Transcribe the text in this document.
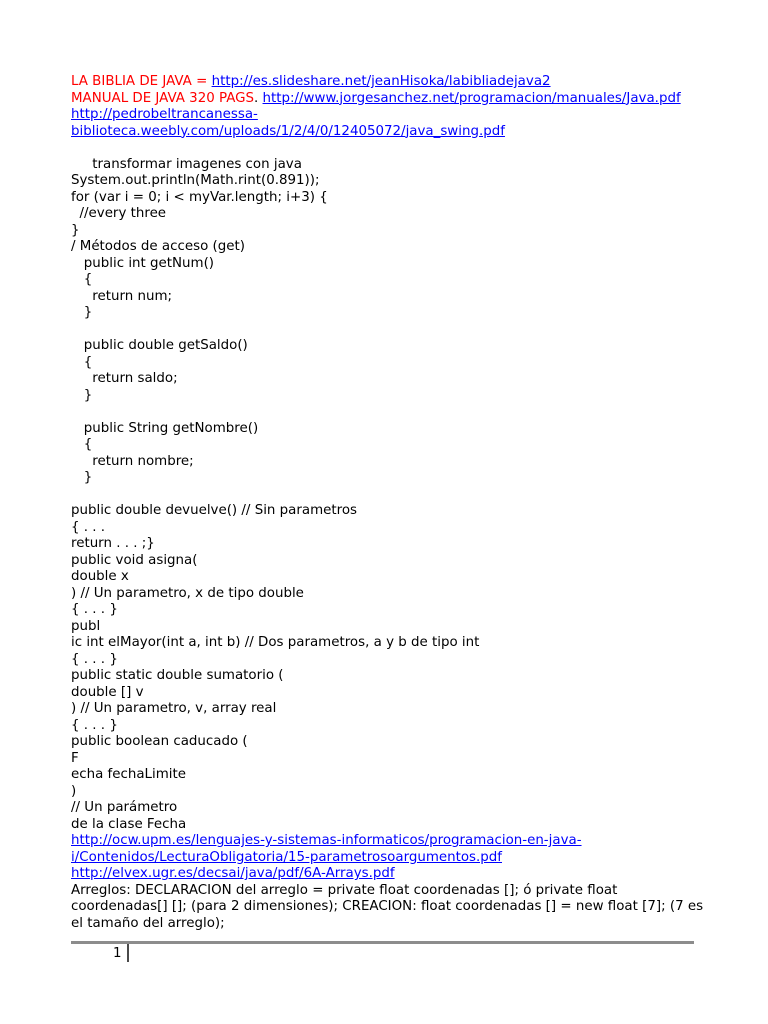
LA BIBLIA DE JAVA = http://es.slideshare.net/jeanHisoka/labibliadejava2
MANUAL DE JAVA 320 PAGS. http://www.jorgesanchez.net/programacion/manuales/Java.pdf
http://pedrobeltrancanessa-
biblioteca.weebly.com/uploads/1/2/4/0/12405072/java_swing.pdf
transformar imagenes con java
System.out.println(Math.rint(0.891));
for (var i = 0; i < myVar.length; i+3) {
//every three
}
/ Métodos de acceso (get)
public int getNum()
{
return num;
}
public double getSaldo()
{
return saldo;
}
public String getNombre()
{
return nombre;
}
public double devuelve() // Sin parametros
{ . . .
return . . . ;}
public void asigna(
double x
) // Un parametro, x de tipo double
{ . . . }
publ
ic int elMayor(int a, int b) // Dos parametros, a y b de tipo int
{ . . . }
public static double sumatorio (
double [] v
) // Un parametro, v, array real
{ . . . }
public boolean caducado (
F
echa fechaLimite
)
// Un parámetro
de la clase Fecha
http://ocw.upm.es/lenguajes-y-sistemas-informaticos/programacion-en-java-
i/Contenidos/LecturaObligatoria/15-parametrosoargumentos.pdf
http://elvex.ugr.es/decsai/java/pdf/6A-Arrays.pdf
Arreglos: DECLARACION del arreglo = private float coordenadas []; ó private float coordenadas[] []; (para 2 dimensiones); CREACION: float coordenadas [] = new float [7]; (7 es el tamaño del arreglo);
1
